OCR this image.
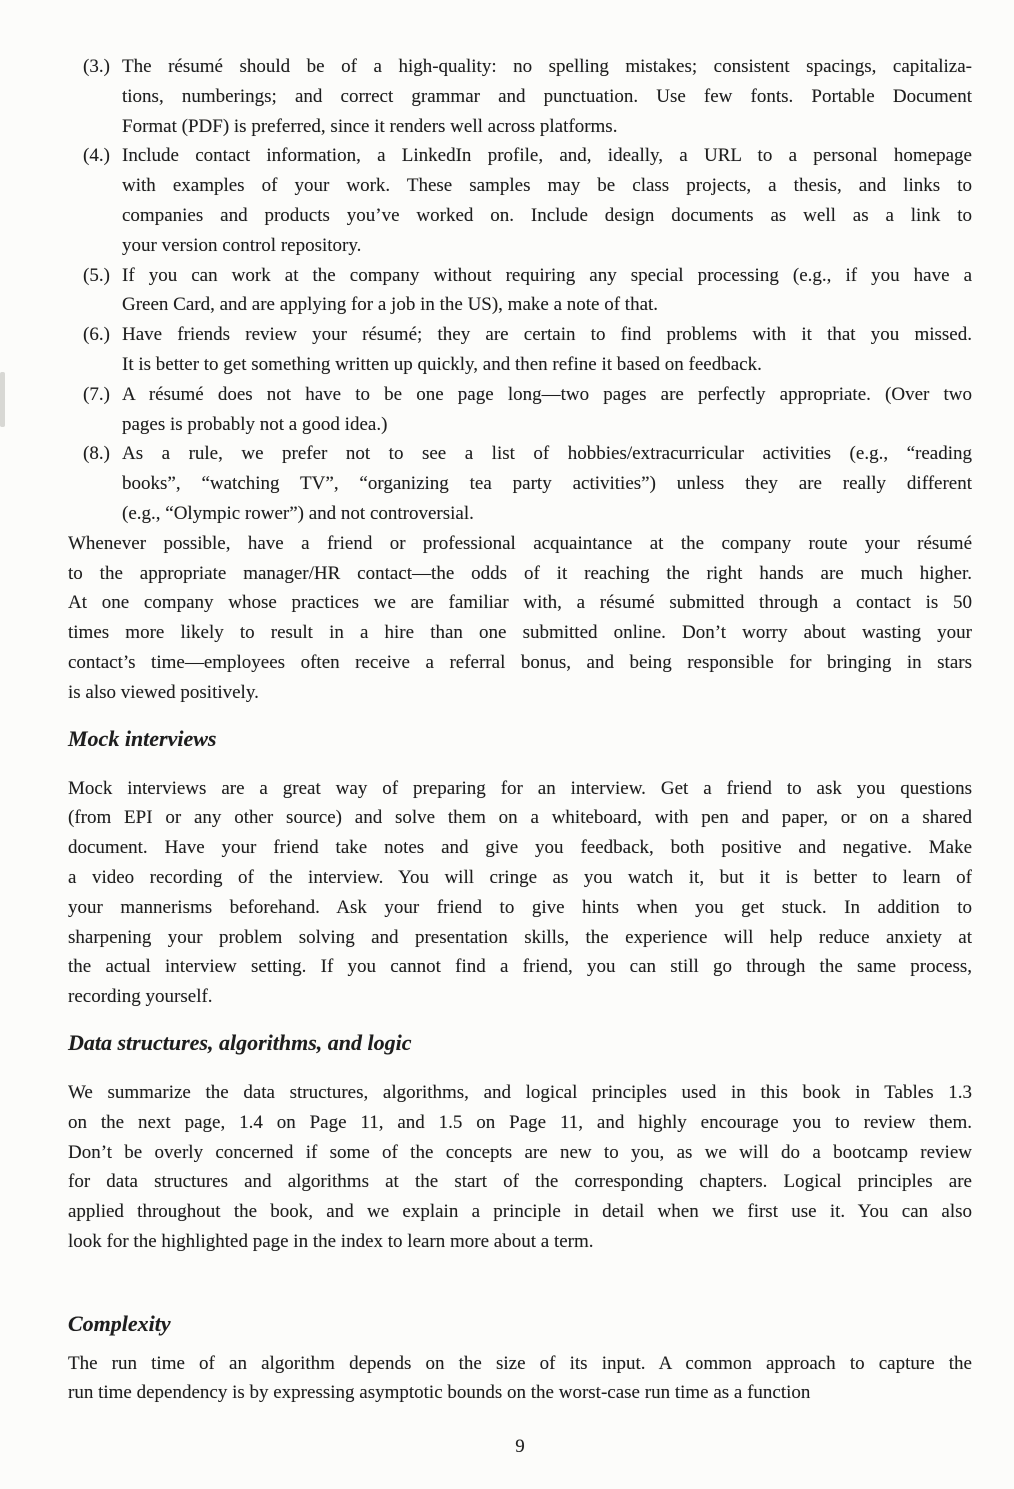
(3.) The résumé should be of a high-quality: no spelling mistakes; consistent spacings, capitaliza-
tions, numberings; and correct grammar and punctuation. Use few fonts. Portable Document
Format (PDF) is preferred, since it renders well across platforms.
(4.) Include contact information, a LinkedIn profile, and, ideally, a URL to a personal homepage
with examples of your work. These samples may be class projects, a thesis, and links to
companies and products you’ve worked on. Include design documents as well as a link to
your version control repository.
(5.) If you can work at the company without requiring any special processing (e.g., if you have a
Green Card, and are applying for a job in the US), make a note of that.
(6.) Have friends review your résumé; they are certain to find problems with it that you missed.
It is better to get something written up quickly, and then refine it based on feedback.
(7.) A résumé does not have to be one page long—two pages are perfectly appropriate. (Over two
pages is probably not a good idea.)
(8.) As a rule, we prefer not to see a list of hobbies/extracurricular activities (e.g., “reading
books”, “watching TV”, “organizing tea party activities”) unless they are really different
(e.g., “Olympic rower”) and not controversial.
Whenever possible, have a friend or professional acquaintance at the company route your résumé
to the appropriate manager/HR contact—the odds of it reaching the right hands are much higher.
At one company whose practices we are familiar with, a résumé submitted through a contact is 50
times more likely to result in a hire than one submitted online. Don’t worry about wasting your
contact’s time—employees often receive a referral bonus, and being responsible for bringing in stars
is also viewed positively.
Mock interviews
Mock interviews are a great way of preparing for an interview. Get a friend to ask you questions
(from EPI or any other source) and solve them on a whiteboard, with pen and paper, or on a shared
document. Have your friend take notes and give you feedback, both positive and negative. Make
a video recording of the interview. You will cringe as you watch it, but it is better to learn of
your mannerisms beforehand. Ask your friend to give hints when you get stuck. In addition to
sharpening your problem solving and presentation skills, the experience will help reduce anxiety at
the actual interview setting. If you cannot find a friend, you can still go through the same process,
recording yourself.
Data structures, algorithms, and logic
We summarize the data structures, algorithms, and logical principles used in this book in Tables 1.3
on the next page, 1.4 on Page 11, and 1.5 on Page 11, and highly encourage you to review them.
Don’t be overly concerned if some of the concepts are new to you, as we will do a bootcamp review
for data structures and algorithms at the start of the corresponding chapters. Logical principles are
applied throughout the book, and we explain a principle in detail when we first use it. You can also
look for the highlighted page in the index to learn more about a term.
Complexity
The run time of an algorithm depends on the size of its input. A common approach to capture the
run time dependency is by expressing asymptotic bounds on the worst-case run time as a function
9
